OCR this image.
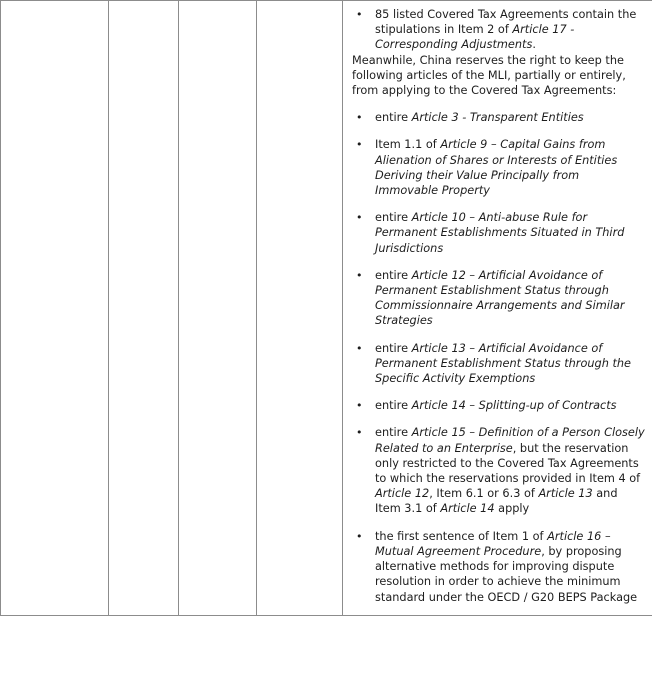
• 85 listed Covered Tax Agreements contain the stipulations in Item 2 of Article 17 - Corresponding Adjustments.

Meanwhile, China reserves the right to keep the following articles of the MLI, partially or entirely, from applying to the Covered Tax Agreements:

• entire Article 3 - Transparent Entities
• Item 1.1 of Article 9 – Capital Gains from Alienation of Shares or Interests of Entities Deriving their Value Principally from Immovable Property
• entire Article 10 – Anti-abuse Rule for Permanent Establishments Situated in Third Jurisdictions
• entire Article 12 – Artificial Avoidance of Permanent Establishment Status through Commissionnaire Arrangements and Similar Strategies
• entire Article 13 – Artificial Avoidance of Permanent Establishment Status through the Specific Activity Exemptions
• entire Article 14 – Splitting-up of Contracts
• entire Article 15 – Definition of a Person Closely Related to an Enterprise, but the reservation only restricted to the Covered Tax Agreements to which the reservations provided in Item 4 of Article 12, Item 6.1 or 6.3 of Article 13 and Item 3.1 of Article 14 apply
• the first sentence of Item 1 of Article 16 – Mutual Agreement Procedure, by proposing alternative methods for improving dispute resolution in order to achieve the minimum standard under the OECD / G20 BEPS Package
